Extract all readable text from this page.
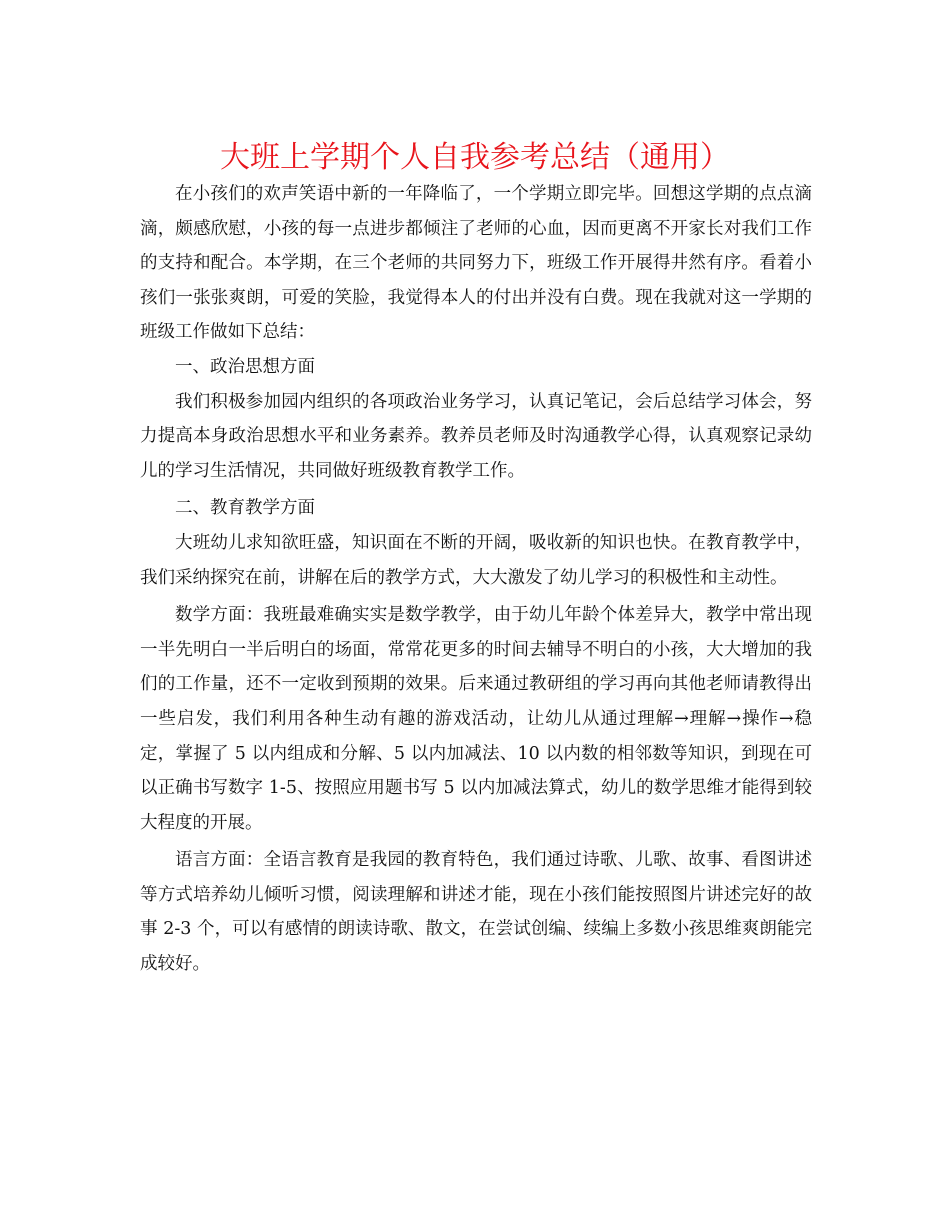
大班上学期个人自我参考总结（通用）

在小孩们的欢声笑语中新的一年降临了，一个学期立即完毕。回想这学期的点点滴滴，颇感欣慰，小孩的每一点进步都倾注了老师的心血，因而更离不开家长对我们工作的支持和配合。本学期，在三个老师的共同努力下，班级工作开展得井然有序。看着小孩们一张张爽朗，可爱的笑脸，我觉得本人的付出并没有白费。现在我就对这一学期的班级工作做如下总结：

一、政治思想方面

我们积极参加园内组织的各项政治业务学习，认真记笔记，会后总结学习体会，努力提高本身政治思想水平和业务素养。教养员老师及时沟通教学心得，认真观察记录幼儿的学习生活情况，共同做好班级教育教学工作。

二、教育教学方面

大班幼儿求知欲旺盛，知识面在不断的开阔，吸收新的知识也快。在教育教学中，我们采纳探究在前，讲解在后的教学方式，大大激发了幼儿学习的积极性和主动性。

数学方面：我班最难确实实是数学教学，由于幼儿年龄个体差异大，教学中常出现一半先明白一半后明白的场面，常常花更多的时间去辅导不明白的小孩，大大增加的我们的工作量，还不一定收到预期的效果。后来通过教研组的学习再向其他老师请教得出一些启发，我们利用各种生动有趣的游戏活动，让幼儿从通过理解→理解→操作→稳定，掌握了 5 以内组成和分解、5 以内加减法、10 以内数的相邻数等知识，到现在可以正确书写数字 1-5、按照应用题书写 5 以内加减法算式，幼儿的数学思维才能得到较大程度的开展。

语言方面：全语言教育是我园的教育特色，我们通过诗歌、儿歌、故事、看图讲述等方式培养幼儿倾听习惯，阅读理解和讲述才能，现在小孩们能按照图片讲述完好的故事 2-3 个，可以有感情的朗读诗歌、散文，在尝试创编、续编上多数小孩思维爽朗能完成较好。
